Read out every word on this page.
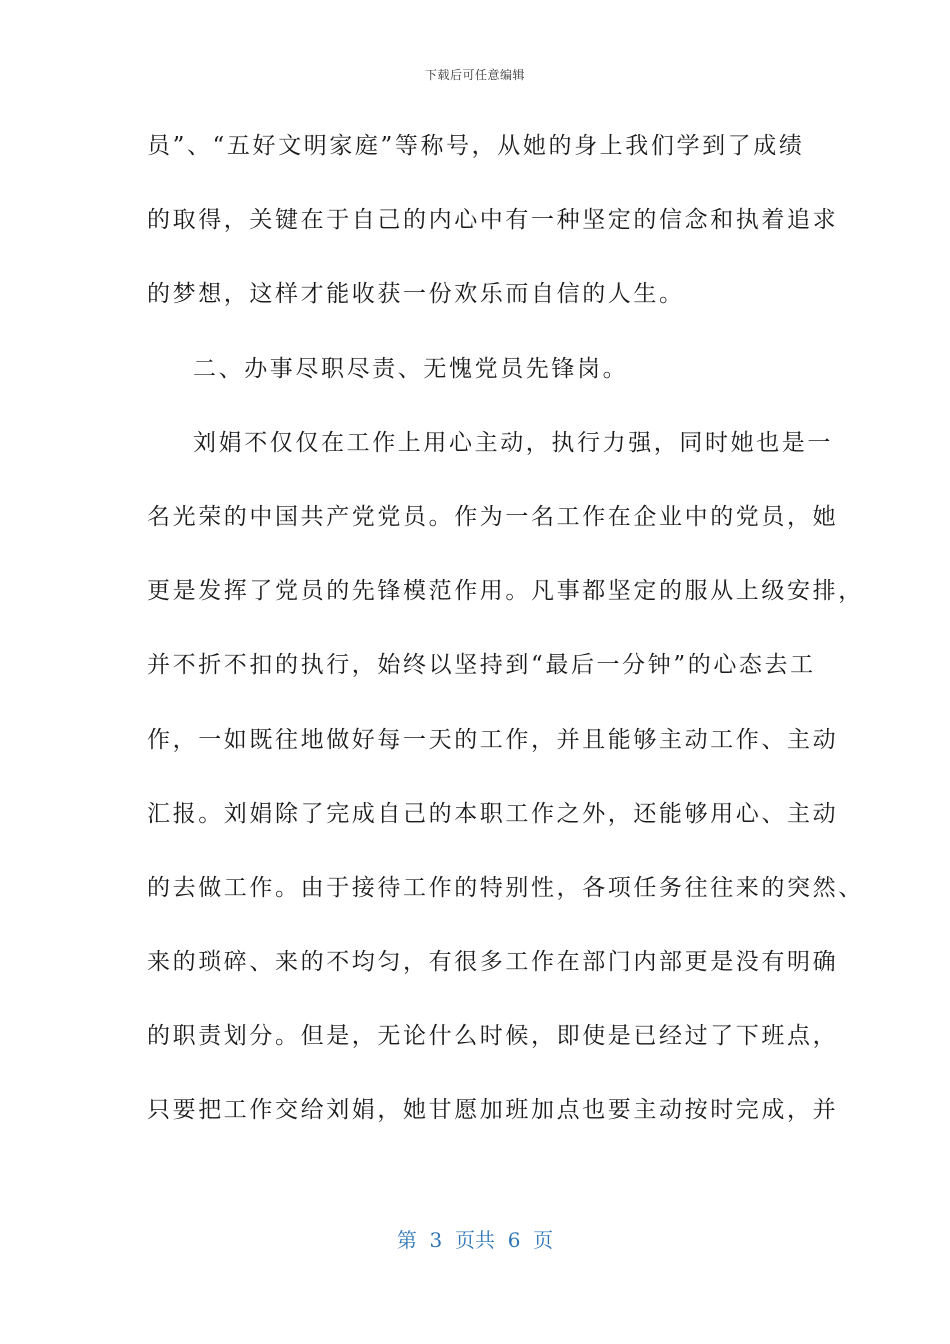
下载后可任意编辑
员”、“五好文明家庭”等称号，从她的身上我们学到了成绩
的取得，关键在于自己的内心中有一种坚定的信念和执着追求
的梦想，这样才能收获一份欢乐而自信的人生。
二、办事尽职尽责、无愧党员先锋岗。
刘娟不仅仅在工作上用心主动，执行力强，同时她也是一
名光荣的中国共产党党员。作为一名工作在企业中的党员，她
更是发挥了党员的先锋模范作用。凡事都坚定的服从上级安排，
并不折不扣的执行，始终以坚持到“最后一分钟”的心态去工
作，一如既往地做好每一天的工作，并且能够主动工作、主动
汇报。刘娟除了完成自己的本职工作之外，还能够用心、主动
的去做工作。由于接待工作的特别性，各项任务往往来的突然、
来的琐碎、来的不均匀，有很多工作在部门内部更是没有明确
的职责划分。但是，无论什么时候，即使是已经过了下班点，
只要把工作交给刘娟，她甘愿加班加点也要主动按时完成，并
第  3  页共  6  页
